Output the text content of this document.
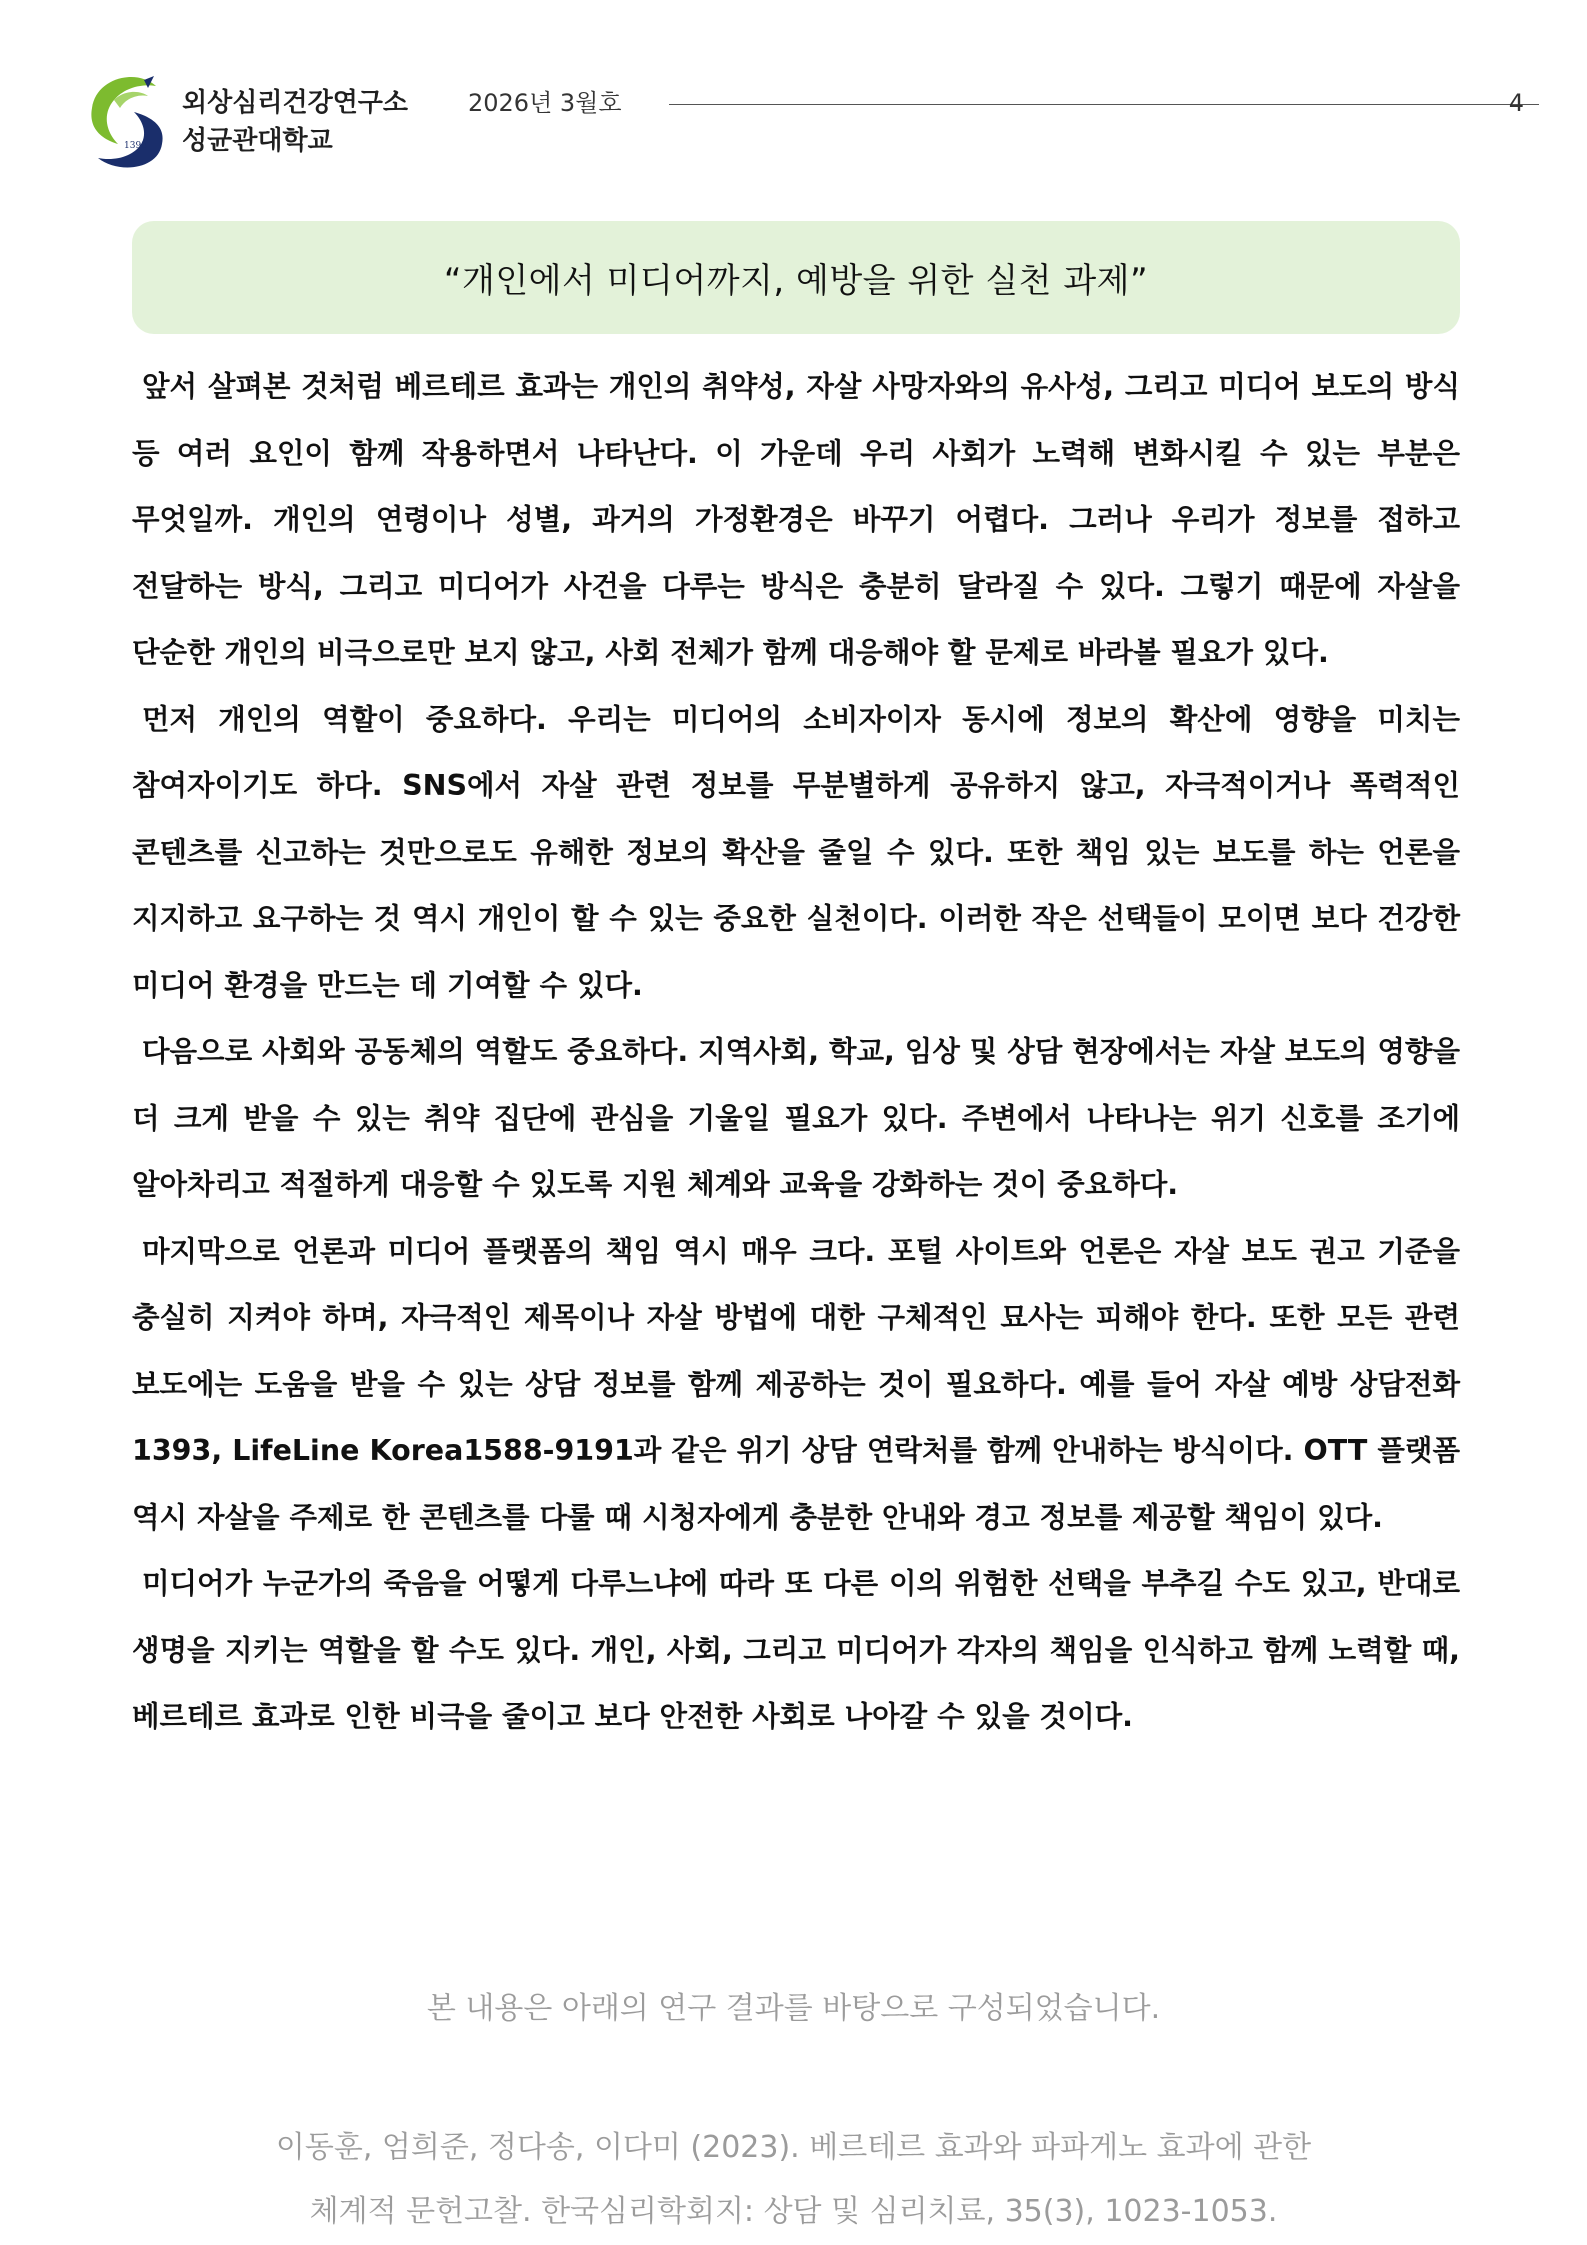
1398
외상심리건강연구소
성균관대학교
2026년 3월호	4
“개인에서 미디어까지, 예방을 위한 실천 과제”

앞서 살펴본 것처럼 베르테르 효과는 개인의 취약성, 자살 사망자와의 유사성, 그리고 미디어 보도의 방식 등 여러 요인이 함께 작용하면서 나타난다. 이 가운데 우리 사회가 노력해 변화시킬 수 있는 부분은 무엇일까. 개인의 연령이나 성별, 과거의 가정환경은 바꾸기 어렵다. 그러나 우리가 정보를 접하고 전달하는 방식, 그리고 미디어가 사건을 다루는 방식은 충분히 달라질 수 있다. 그렇기 때문에 자살을 단순한 개인의 비극으로만 보지 않고, 사회 전체가 함께 대응해야 할 문제로 바라볼 필요가 있다.

먼저 개인의 역할이 중요하다. 우리는 미디어의 소비자이자 동시에 정보의 확산에 영향을 미치는 참여자이기도 하다. SNS에서 자살 관련 정보를 무분별하게 공유하지 않고, 자극적이거나 폭력적인 콘텐츠를 신고하는 것만으로도 유해한 정보의 확산을 줄일 수 있다. 또한 책임 있는 보도를 하는 언론을 지지하고 요구하는 것 역시 개인이 할 수 있는 중요한 실천이다. 이러한 작은 선택들이 모이면 보다 건강한 미디어 환경을 만드는 데 기여할 수 있다.

다음으로 사회와 공동체의 역할도 중요하다. 지역사회, 학교, 임상 및 상담 현장에서는 자살 보도의 영향을 더 크게 받을 수 있는 취약 집단에 관심을 기울일 필요가 있다. 주변에서 나타나는 위기 신호를 조기에 알아차리고 적절하게 대응할 수 있도록 지원 체계와 교육을 강화하는 것이 중요하다.

마지막으로 언론과 미디어 플랫폼의 책임 역시 매우 크다. 포털 사이트와 언론은 자살 보도 권고 기준을 충실히 지켜야 하며, 자극적인 제목이나 자살 방법에 대한 구체적인 묘사는 피해야 한다. 또한 모든 관련 보도에는 도움을 받을 수 있는 상담 정보를 함께 제공하는 것이 필요하다. 예를 들어 자살 예방 상담전화 1393, LifeLine Korea1588-9191과 같은 위기 상담 연락처를 함께 안내하는 방식이다. OTT 플랫폼 역시 자살을 주제로 한 콘텐츠를 다룰 때 시청자에게 충분한 안내와 경고 정보를 제공할 책임이 있다.

미디어가 누군가의 죽음을 어떻게 다루느냐에 따라 또 다른 이의 위험한 선택을 부추길 수도 있고, 반대로 생명을 지키는 역할을 할 수도 있다. 개인, 사회, 그리고 미디어가 각자의 책임을 인식하고 함께 노력할 때, 베르테르 효과로 인한 비극을 줄이고 보다 안전한 사회로 나아갈 수 있을 것이다.

본 내용은 아래의 연구 결과를 바탕으로 구성되었습니다.
이동훈, 엄희준, 정다송, 이다미 (2023). 베르테르 효과와 파파게노 효과에 관한
체계적 문헌고찰. 한국심리학회지: 상담 및 심리치료, 35(3), 1023-1053.
